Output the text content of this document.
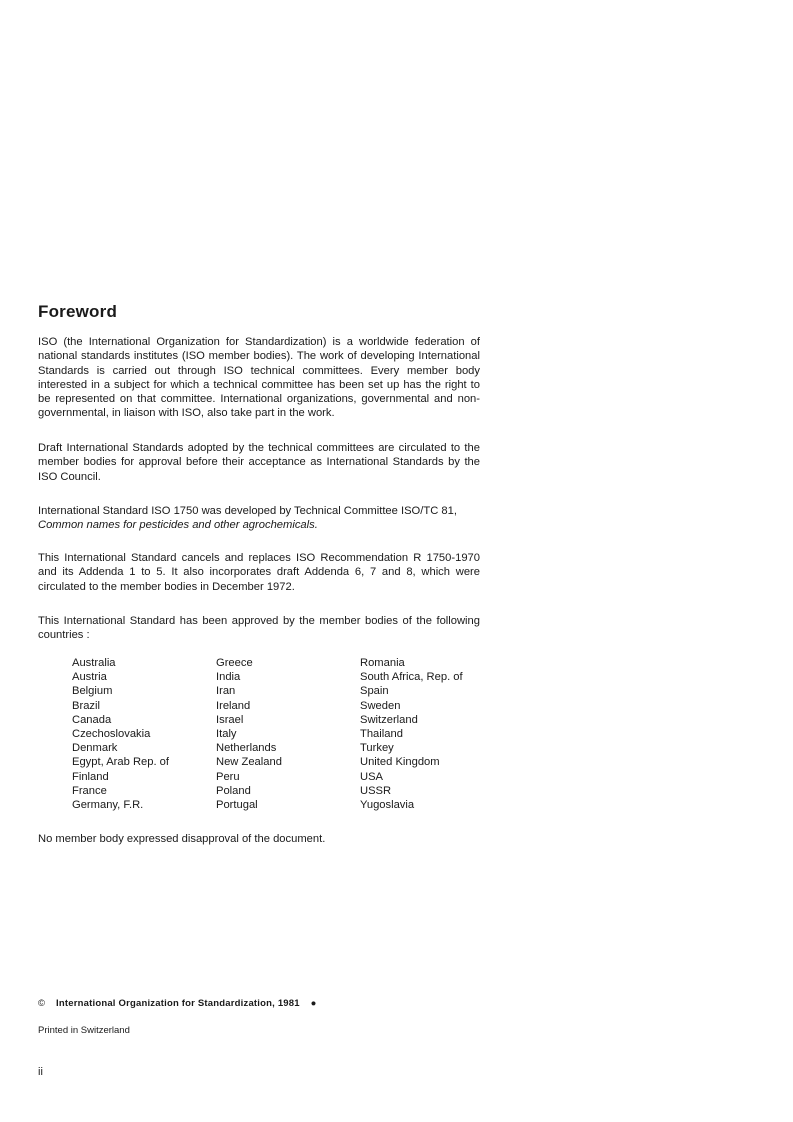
Foreword

ISO (the International Organization for Standardization) is a worldwide federation of national standards institutes (ISO member bodies). The work of developing International Standards is carried out through ISO technical committees. Every member body interested in a subject for which a technical committee has been set up has the right to be represented on that committee. International organizations, governmental and non-governmental, in liaison with ISO, also take part in the work.

Draft International Standards adopted by the technical committees are circulated to the member bodies for approval before their acceptance as International Standards by the ISO Council.

International Standard ISO 1750 was developed by Technical Committee ISO/TC 81,
Common names for pesticides and other agrochemicals.

This International Standard cancels and replaces ISO Recommendation R 1750-1970 and its Addenda 1 to 5. It also incorporates draft Addenda 6, 7 and 8, which were circulated to the member bodies in December 1972.

This International Standard has been approved by the member bodies of the following countries :

Australia
Austria
Belgium
Brazil
Canada
Czechoslovakia
Denmark
Egypt, Arab Rep. of
Finland
France
Germany, F.R.
Greece
India
Iran
Ireland
Israel
Italy
Netherlands
New Zealand
Peru
Poland
Portugal
Romania
South Africa, Rep. of
Spain
Sweden
Switzerland
Thailand
Turkey
United Kingdom
USA
USSR
Yugoslavia

No member body expressed disapproval of the document.

© International Organization for Standardization, 1981 ●

Printed in Switzerland

ii
